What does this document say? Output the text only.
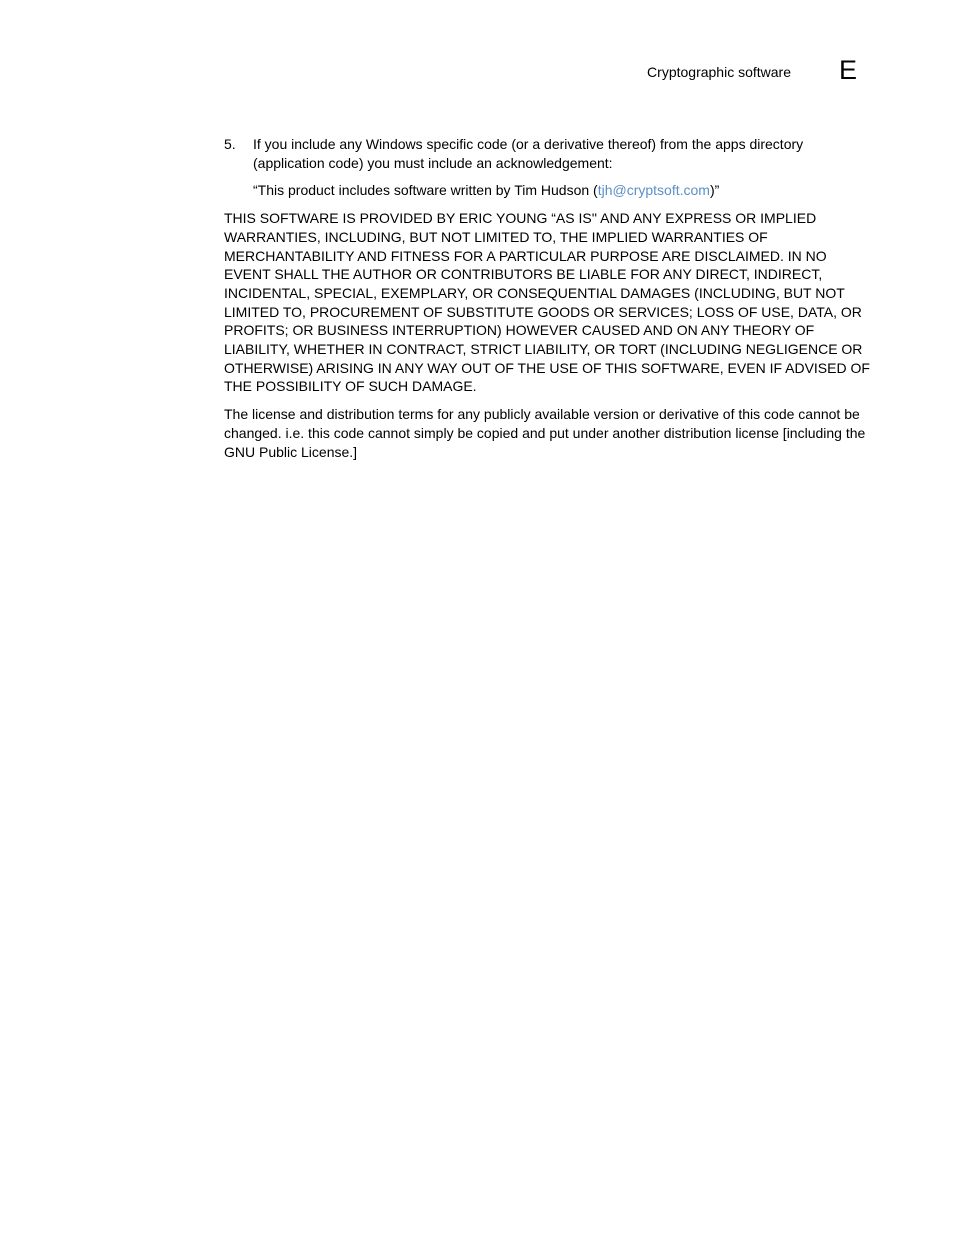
Cryptographic software E
5. If you include any Windows specific code (or a derivative thereof) from the apps directory (application code) you must include an acknowledgement:
“This product includes software written by Tim Hudson (tjh@cryptsoft.com)”
THIS SOFTWARE IS PROVIDED BY ERIC YOUNG “AS IS'' AND ANY EXPRESS OR IMPLIED WARRANTIES, INCLUDING, BUT NOT LIMITED TO, THE IMPLIED WARRANTIES OF MERCHANTABILITY AND FITNESS FOR A PARTICULAR PURPOSE ARE DISCLAIMED. IN NO EVENT SHALL THE AUTHOR OR CONTRIBUTORS BE LIABLE FOR ANY DIRECT, INDIRECT, INCIDENTAL, SPECIAL, EXEMPLARY, OR CONSEQUENTIAL DAMAGES (INCLUDING, BUT NOT LIMITED TO, PROCUREMENT OF SUBSTITUTE GOODS OR SERVICES; LOSS OF USE, DATA, OR PROFITS; OR BUSINESS INTERRUPTION) HOWEVER CAUSED AND ON ANY THEORY OF LIABILITY, WHETHER IN CONTRACT, STRICT LIABILITY, OR TORT (INCLUDING NEGLIGENCE OR OTHERWISE) ARISING IN ANY WAY OUT OF THE USE OF THIS SOFTWARE, EVEN IF ADVISED OF THE POSSIBILITY OF SUCH DAMAGE.
The license and distribution terms for any publicly available version or derivative of this code cannot be changed. i.e. this code cannot simply be copied and put under another distribution license [including the GNU Public License.]
